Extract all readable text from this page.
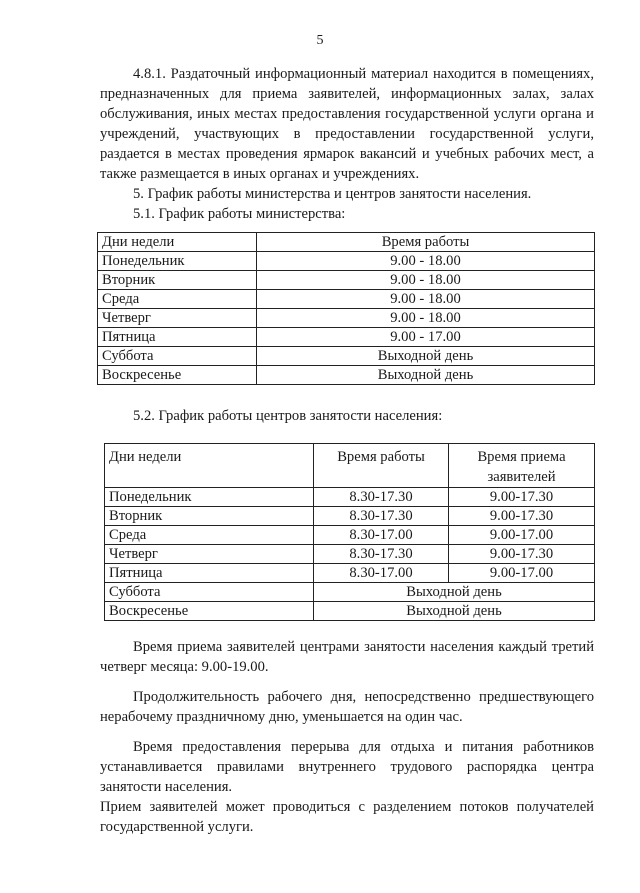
5

4.8.1. Раздаточный информационный материал находится в помещениях, предназначенных для приема заявителей, информационных залах, залах обслуживания, иных местах предоставления государственной услуги органа и учреждений, участвующих в предоставлении государственной услуги, раздается в местах проведения ярмарок вакансий и учебных рабочих мест, а также размещается в иных органах и учреждениях.

5. График работы министерства и центров занятости населения.

5.1. График работы министерства:

Дни недели	Время работы
Понедельник	9.00 - 18.00
Вторник	9.00 - 18.00
Среда	9.00 - 18.00
Четверг	9.00 - 18.00
Пятница	9.00 - 17.00
Суббота	Выходной день
Воскресенье	Выходной день

5.2. График работы центров занятости населения:

Дни недели	Время работы	Время приема заявителей
Понедельник	8.30-17.30	9.00-17.30
Вторник	8.30-17.30	9.00-17.30
Среда	8.30-17.00	9.00-17.00
Четверг	8.30-17.30	9.00-17.30
Пятница	8.30-17.00	9.00-17.00
Суббота	Выходной день	
Воскресенье	Выходной день	

Время приема заявителей центрами занятости населения каждый третий четверг месяца: 9.00-19.00.

Продолжительность рабочего дня, непосредственно предшествующего нерабочему праздничному дню, уменьшается на один час.

Время предоставления перерыва для отдыха и питания работников устанавливается правилами внутреннего трудового распорядка центра занятости населения.

Прием заявителей может проводиться с разделением потоков получателей государственной услуги.
